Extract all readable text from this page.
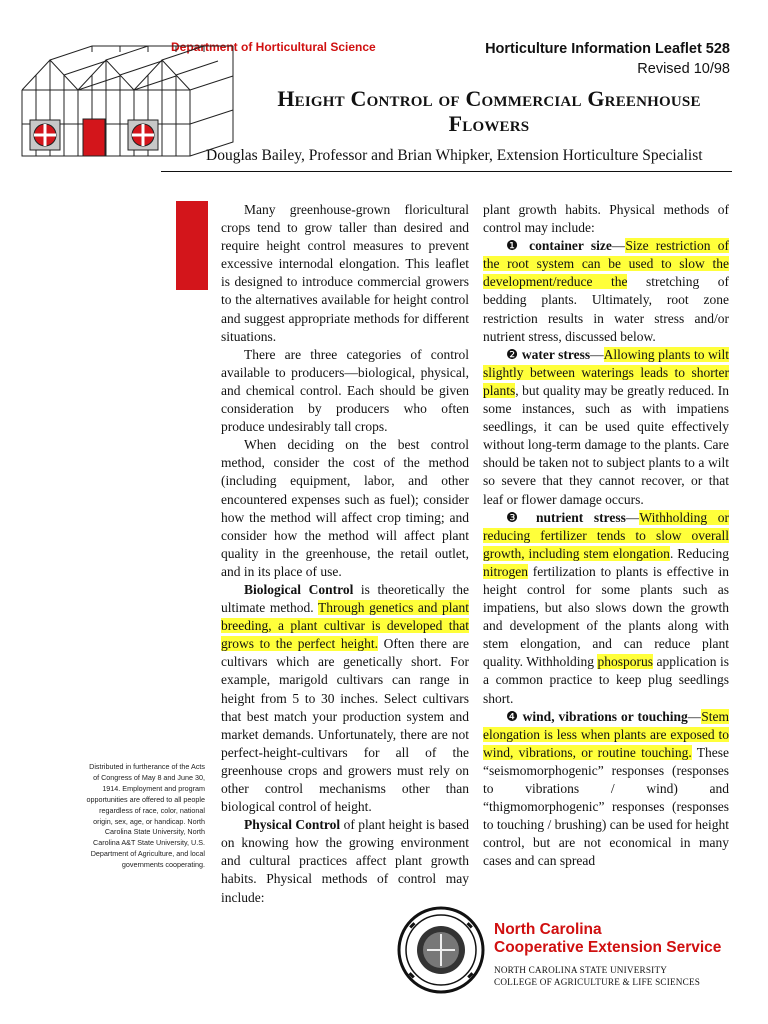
Department of Horticultural Science	Horticulture Information Leaflet 528
Revised 10/98
Height Control of Commercial Greenhouse Flowers
Douglas Bailey, Professor and Brian Whipker, Extension Horticulture Specialist

Many greenhouse-grown floricultural crops tend to grow taller than desired and require height control measures to prevent excessive internodal elongation. This leaflet is designed to introduce commercial growers to the alternatives available for height control and suggest appropriate methods for different situations.

There are three categories of control available to producers—biological, physical, and chemical control. Each should be given consideration by producers who often produce undesirably tall crops.

When deciding on the best control method, consider the cost of the method (including equipment, labor, and other encountered expenses such as fuel); consider how the method will affect crop timing; and consider how the method will affect plant quality in the greenhouse, the retail outlet, and in its place of use.

Biological Control is theoretically the ultimate method. Through genetics and plant breeding, a plant cultivar is developed that grows to the perfect height. Often there are cultivars which are genetically short. For example, marigold cultivars can range in height from 5 to 30 inches. Select cultivars that best match your production system and market demands. Unfortunately, there are not perfect-height-cultivars for all of the greenhouse crops and growers must rely on other control mechanisms other than biological control of height.

Physical Control of plant height is based on knowing how the growing environment and cultural practices affect plant growth habits. Physical methods of control may include:

plant growth habits. Physical methods of control may include:

❶ container size—Size restriction of the root system can be used to slow the development/reduce the stretching of bedding plants. Ultimately, root zone restriction results in water stress and/or nutrient stress, discussed below.

❷ water stress—Allowing plants to wilt slightly between waterings leads to shorter plants, but quality may be greatly reduced. In some instances, such as with impatiens seedlings, it can be used quite effectively without long-term damage to the plants. Care should be taken not to subject plants to a wilt so severe that they cannot recover, or that leaf or flower damage occurs.

❸ nutrient stress—Withholding or reducing fertilizer tends to slow overall growth, including stem elongation. Reducing nitrogen fertilization to plants is effective in height control for some plants such as impatiens, but also slows down the growth and development of the plants along with stem elongation, and can reduce plant quality. Withholding phosporus application is a common practice to keep plug seedlings short.

❹ wind, vibrations or touching—Stem elongation is less when plants are exposed to wind, vibrations, or routine touching. These “seismomorphogenic” responses (responses to vibrations / wind) and “thigmomorphogenic” responses (responses to touching / brushing) can be used for height control, but are not economical in many cases and can spread

Distributed in furtherance of the Acts of Congress of May 8 and June 30, 1914. Employment and program opportunities are offered to all people regardless of race, color, national origin, sex, age, or handicap. North Carolina State University, North Carolina A&T State University, U.S. Department of Agriculture, and local governments cooperating.
North Carolina
Cooperative Extension Service
NORTH CAROLINA STATE UNIVERSITY
COLLEGE OF AGRICULTURE & LIFE SCIENCES
